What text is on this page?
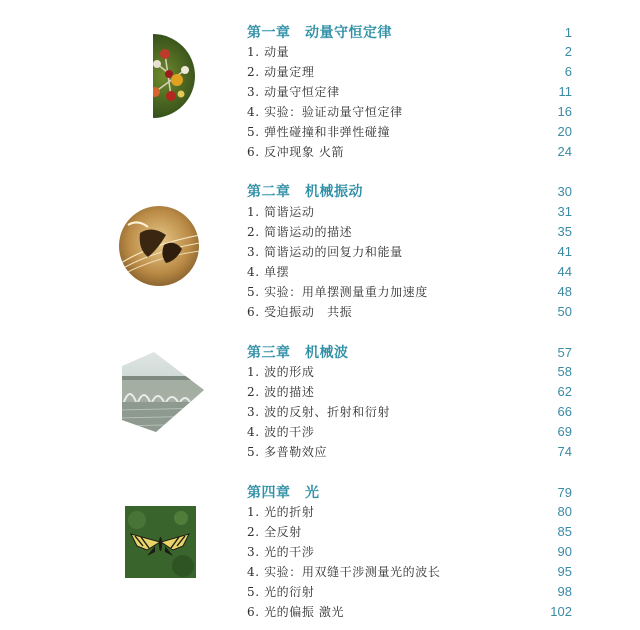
第一章　动量守恒定律	1
1. 动量	2
2. 动量定理	6
3. 动量守恒定律	11
4. 实验：验证动量守恒定律	16
5. 弹性碰撞和非弹性碰撞	20
6. 反冲现象 火箭	24
第二章　机械振动	30
1. 简谐运动	31
2. 简谐运动的描述	35
3. 简谐运动的回复力和能量	41
4. 单摆	44
5. 实验：用单摆测量重力加速度	48
6. 受迫振动　共振	50
第三章　机械波	57
1. 波的形成	58
2. 波的描述	62
3. 波的反射、折射和衍射	66
4. 波的干涉	69
5. 多普勒效应	74
第四章　光	79
1. 光的折射	80
2. 全反射	85
3. 光的干涉	90
4. 实验：用双缝干涉测量光的波长	95
5. 光的衍射	98
6. 光的偏振 激光	102
